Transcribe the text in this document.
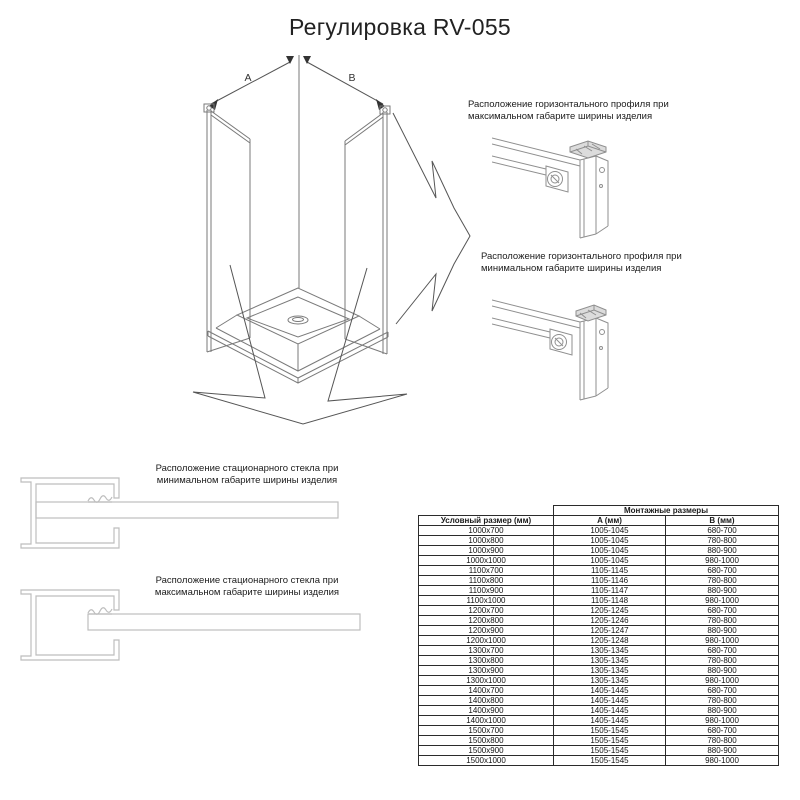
Регулировка RV-055
A	B
Расположение горизонтального профиля при
максимальном габарите ширины изделия
Расположение горизонтального профиля при
минимальном габарите ширины изделия
Расположение стационарного стекла при
минимальном габарите ширины изделия
Расположение стационарного стекла при
максимальном габарите ширины изделия
	Монтажные размеры	
Условный размер (мм)	A (мм)	B (мм)
1000x700	1005-1045	680-700
1000x800	1005-1045	780-800
1000x900	1005-1045	880-900
1000x1000	1005-1045	980-1000
1100x700	1105-1145	680-700
1100x800	1105-1146	780-800
1100x900	1105-1147	880-900
1100x1000	1105-1148	980-1000
1200x700	1205-1245	680-700
1200x800	1205-1246	780-800
1200x900	1205-1247	880-900
1200x1000	1205-1248	980-1000
1300x700	1305-1345	680-700
1300x800	1305-1345	780-800
1300x900	1305-1345	880-900
1300x1000	1305-1345	980-1000
1400x700	1405-1445	680-700
1400x800	1405-1445	780-800
1400x900	1405-1445	880-900
1400x1000	1405-1445	980-1000
1500x700	1505-1545	680-700
1500x800	1505-1545	780-800
1500x900	1505-1545	880-900
1500x1000	1505-1545	980-1000
